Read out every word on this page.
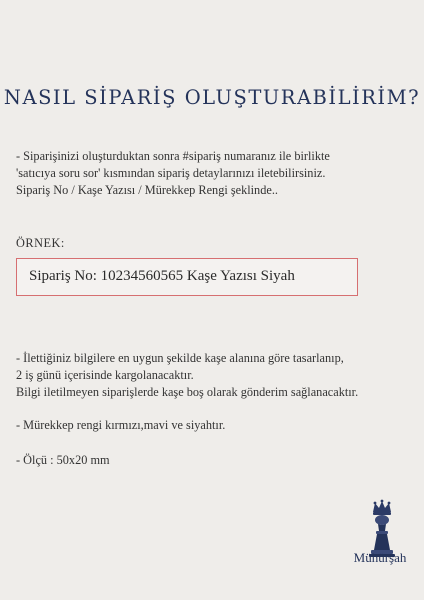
NASIL SİPARİŞ OLUŞTURABİLİRİM?

- Siparişinizi oluşturduktan sonra #sipariş numaranız ile birlikte
'satıcıya soru sor' kısmından sipariş detaylarınızı iletebilirsiniz.
Sipariş No / Kaşe Yazısı / Mürekkep Rengi şeklinde..

ÖRNEK:
Sipariş No: 10234560565 Kaşe Yazısı Siyah

- İlettiğiniz bilgilere en uygun şekilde kaşe alanına göre tasarlanıp,
2 iş günü içerisinde kargolanacaktır.
Bilgi iletilmeyen siparişlerde kaşe boş olarak gönderim sağlanacaktır.

- Mürekkep rengi kırmızı,mavi ve siyahtır.

- Ölçü : 50x20 mm

Mühürşah
